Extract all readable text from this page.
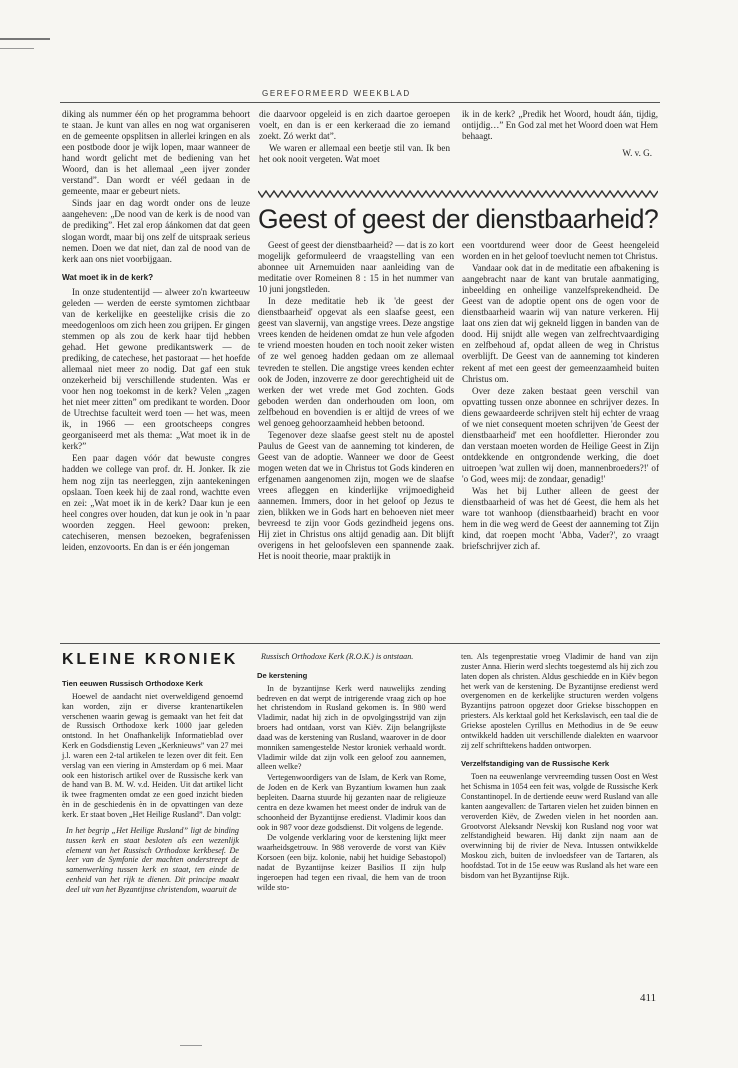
GEREFORMEERD WEEKBLAD

diking als nummer één op het programma behoort te staan. Je kunt van alles en nog wat organiseren en de gemeente opsplitsen in allerlei kringen en als een postbode door je wijk lopen, maar wanneer de hand wordt gelicht met de bediening van het Woord, dan is het allemaal „een ijver zonder verstand”. Dan wordt er véél gedaan in de gemeente, maar er gebeurt niets.

Sinds jaar en dag wordt onder ons de leuze aangeheven: „De nood van de kerk is de nood van de prediking”. Het zal erop áánkomen dat dat geen slogan wordt, maar bij ons zelf de uitspraak serieus nemen. Doen we dat niet, dan zal de nood van de kerk aan ons niet voorbijgaan.

Wat moet ik in de kerk?

In onze studententijd — alweer zo'n kwarteeuw geleden — werden de eerste symtomen zichtbaar van de kerkelijke en geestelijke crisis die zo meedogenloos om zich heen zou grijpen. Er gingen stemmen op als zou de kerk haar tijd hebben gehad. Het gewone predikantswerk — de prediking, de catechese, het pastoraat — het hoefde allemaal niet meer zo nodig. Dat gaf een stuk onzekerheid bij verschillende studenten. Was er voor hen nog toekomst in de kerk? Velen „zagen het niet meer zitten” om predikant te worden. Door de Utrechtse faculteit werd toen — het was, meen ik, in 1966 — een grootscheeps congres georganiseerd met als thema: „Wat moet ik in de kerk?”

Een paar dagen vóór dat bewuste congres hadden we college van prof. dr. H. Jonker. Ik zie hem nog zijn tas neerleggen, zijn aantekeningen opslaan. Toen keek hij de zaal rond, wachtte even en zei: „Wat moet ik in de kerk? Daar kun je een heel congres over houden, dat kun je ook in 'n paar woorden zeggen. Heel gewoon: preken, catechiseren, mensen bezoeken, begrafenissen leiden, enzovoorts. En dan is er één jongeman

die daarvoor opgeleid is en zich daartoe geroepen voelt, en dan is er een kerkeraad die zo iemand zoekt. Zó werkt dat”.

We waren er allemaal een beetje stil van. Ik ben het ook nooit vergeten. Wat moet

ik in de kerk? „Predik het Woord, houdt áán, tijdig, ontijdig…” En God zal met het Woord doen wat Hem behaagt.

W. v. G.

Geest of geest der dienstbaarheid?

Geest of geest der dienstbaarheid? — dat is zo kort mogelijk geformuleerd de vraagstelling van een abonnee uit Arnemuiden naar aanleiding van de meditatie over Romeinen 8 : 15 in het nummer van 10 juni jongstleden.

In deze meditatie heb ik 'de geest der dienstbaarheid' opgevat als een slaafse geest, een geest van slavernij, van angstige vrees. Deze angstige vrees kenden de heidenen omdat ze hun vele afgoden te vriend moesten houden en toch nooit zeker wisten of ze wel genoeg hadden gedaan om ze allemaal tevreden te stellen. Die angstige vrees kenden echter ook de Joden, inzoverre ze door gerechtigheid uit de werken der wet vrede met God zochten. Gods geboden werden dan onderhouden om loon, om zelfbehoud en bovendien is er altijd de vrees of we wel genoeg gehoorzaamheid hebben betoond.

Tegenover deze slaafse geest stelt nu de apostel Paulus de Geest van de aanneming tot kinderen, de Geest van de adoptie. Wanneer we door de Geest mogen weten dat we in Christus tot Gods kinderen en erfgenamen aangenomen zijn, mogen we de slaafse vrees afleggen en kinderlijke vrijmoedigheid aannemen. Immers, door in het geloof op Jezus te zien, blikken we in Gods hart en behoeven niet meer bevreesd te zijn voor Gods gezindheid jegens ons. Hij ziet in Christus ons altijd genadig aan. Dit blijft overigens in het geloofsleven een spannende zaak. Het is nooit theorie, maar praktijk in

een voortdurend weer door de Geest heengeleid worden en in het geloof toevlucht nemen tot Christus.

Vandaar ook dat in de meditatie een afbakening is aangebracht naar de kant van brutale aanmatiging, inbeelding en onheilige vanzelfsprekendheid. De Geest van de adoptie opent ons de ogen voor de dienstbaarheid waarin wij van nature verkeren. Hij laat ons zien dat wij gekneld liggen in banden van de dood. Hij snijdt alle wegen van zelfrechtvaardiging en zelfbehoud af, opdat alleen de weg in Christus overblijft. De Geest van de aanneming tot kinderen rekent af met een geest der gemeenzaamheid buiten Christus om.

Over deze zaken bestaat geen verschil van opvatting tussen onze abonnee en schrijver dezes. In diens gewaardeerde schrijven stelt hij echter de vraag of we niet consequent moeten schrijven 'de Geest der dienstbaarheid' met een hoofdletter. Hieronder zou dan verstaan moeten worden de Heilige Geest in Zijn ontdekkende en ontgrondende werking, die doet uitroepen 'wat zullen wij doen, mannenbroeders?!' of 'o God, wees mij: de zondaar, genadig!'

Was het bij Luther alleen de geest der dienstbaarheid of was het dé Geest, die hem als het ware tot wanhoop (dienstbaarheid) bracht en voor hem in die weg werd de Geest der aanneming tot Zijn kind, dat roepen mocht 'Abba, Vader?', zo vraagt briefschrijver zich af.

KLEINE KRONIEK
Tien eeuwen Russisch Orthodoxe Kerk

Hoewel de aandacht niet overweldigend genoemd kan worden, zijn er diverse krantenartikelen verschenen waarin gewag is gemaakt van het feit dat de Russisch Orthodoxe kerk 1000 jaar geleden ontstond. In het Onafhankelijk Informatieblad over Kerk en Godsdienstig Leven „Kerknieuws” van 27 mei j.l. waren een 2-tal artikelen te lezen over dit feit. Een verslag van een viering in Amsterdam op 6 mei. Maar ook een historisch artikel over de Russische kerk van de hand van B. M. W. v.d. Heiden. Uit dat artikel licht ik twee fragmenten omdat ze een goed inzicht bieden èn in de geschiedenis èn in de opvattingen van deze kerk. Er staat boven „Het Heilige Rusland”. Dan volgt:

In het begrip „Het Heilige Rusland” ligt de binding tussen kerk en staat besloten als een wezenlijk element van het Russisch Orthodoxe kerkbesef. De leer van de Symfonie der machten onderstreept de samenwerking tussen kerk en staat, ten einde de eenheid van het rijk te dienen. Dit principe maakt deel uit van het Byzantijnse christendom, waaruit de

Russisch Orthodoxe Kerk (R.O.K.) is ontstaan.

De kerstening

In de byzantijnse Kerk werd nauwelijks zending bedreven en dat werpt de intrigerende vraag zich op hoe het christendom in Rusland gekomen is. In 980 werd Vladimir, nadat hij zich in de opvolgingsstrijd van zijn broers had ontdaan, vorst van Kiëv. Zijn belangrijkste daad was de kerstening van Rusland, waarover in de door monniken samengestelde Nestor kroniek verhaald wordt. Vladimir wilde dat zijn volk een geloof zou aannemen, alleen welke?

Vertegenwoordigers van de Islam, de Kerk van Rome, de Joden en de Kerk van Byzantium kwamen hun zaak bepleiten. Daarna stuurde hij gezanten naar de religieuze centra en deze kwamen het meest onder de indruk van de schoonheid der Byzantijnse eredienst. Vladimir koos dan ook in 987 voor deze godsdienst. Dit volgens de legende.

De volgende verklaring voor de kerstening lijkt meer waarheidsgetrouw. In 988 veroverde de vorst van Kiëv Korsoen (een bijz. kolonie, nabij het huidige Sebastopol) nadat de Byzantijnse keizer Basilios II zijn hulp ingeroepen had tegen een rivaal, die hem van de troon wilde sto-

ten. Als tegenprestatie vroeg Vladimir de hand van zijn zuster Anna. Hierin werd slechts toegestemd als hij zich zou laten dopen als christen. Aldus geschiedde en in Kiëv begon het werk van de kerstening. De Byzantijnse eredienst werd overgenomen en de kerkelijke structuren werden volgens Byzantijns patroon opgezet door Griekse bisschoppen en priesters. Als kerktaal gold het Kerkslavisch, een taal die de Griekse apostelen Cyrillus en Methodius in de 9e eeuw ontwikkeld hadden uit verschillende dialekten en waarvoor zij zelf schrifttekens hadden ontworpen.

Verzelfstandiging van de Russische Kerk

Toen na eeuwenlange vervreemding tussen Oost en West het Schisma in 1054 een feit was, volgde de Russische Kerk Constantinopel. In de dertiende eeuw werd Rusland van alle kanten aangevallen: de Tartaren vielen het zuiden binnen en veroverden Kiëv, de Zweden vielen in het noorden aan. Grootvorst Aleksandr Nevskij kon Rusland nog voor wat zelfstandigheid bewaren. Hij dankt zijn naam aan de overwinning bij de rivier de Neva. Intussen ontwikkelde Moskou zich, buiten de invloedsfeer van de Tartaren, als hoofdstad. Tot in de 15e eeuw was Rusland als het ware een bisdom van het Byzantijnse Rijk.

411
